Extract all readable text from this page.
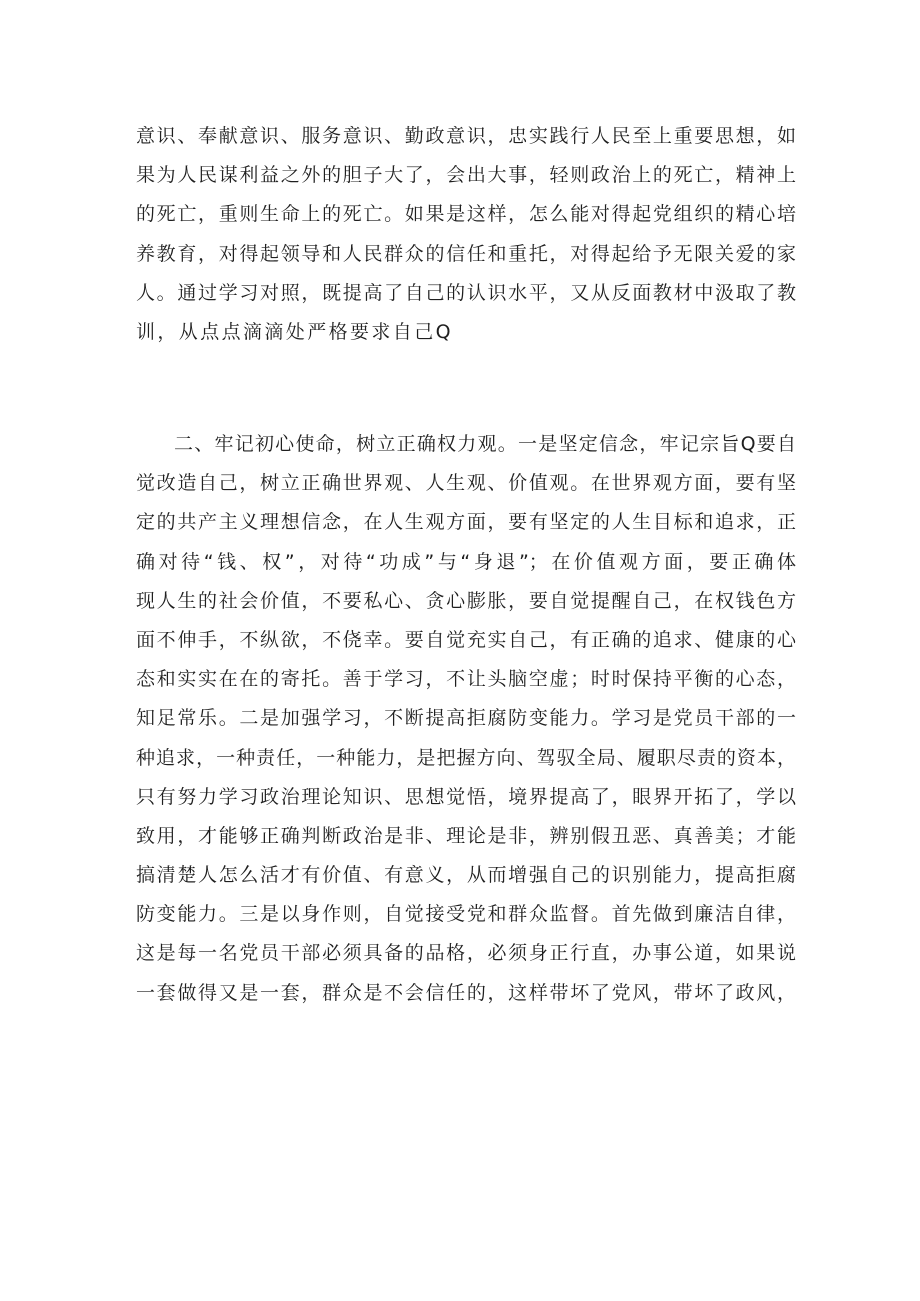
意识、奉献意识、服务意识、勤政意识，忠实践行人民至上重要思想，如
果为人民谋利益之外的胆子大了，会出大事，轻则政治上的死亡，精神上
的死亡，重则生命上的死亡。如果是这样，怎么能对得起党组织的精心培
养教育，对得起领导和人民群众的信任和重托，对得起给予无限关爱的家
人。通过学习对照，既提高了自己的认识水平，又从反面教材中汲取了教
训，从点点滴滴处严格要求自己Q
二、牢记初心使命，树立正确权力观。一是坚定信念，牢记宗旨Q要自
觉改造自己，树立正确世界观、人生观、价值观。在世界观方面，要有坚
定的共产主义理想信念，在人生观方面，要有坚定的人生目标和追求，正
确对待“钱、权”，对待“功成”与“身退”；在价值观方面，要正确体
现人生的社会价值，不要私心、贪心膨胀，要自觉提醒自己，在权钱色方
面不伸手，不纵欲，不侥幸。要自觉充实自己，有正确的追求、健康的心
态和实实在在的寄托。善于学习，不让头脑空虚；时时保持平衡的心态，
知足常乐。二是加强学习，不断提高拒腐防变能力。学习是党员干部的一
种追求，一种责任，一种能力，是把握方向、驾驭全局、履职尽责的资本，
只有努力学习政治理论知识、思想觉悟，境界提高了，眼界开拓了，学以
致用，才能够正确判断政治是非、理论是非，辨别假丑恶、真善美；才能
搞清楚人怎么活才有价值、有意义，从而增强自己的识别能力，提高拒腐
防变能力。三是以身作则，自觉接受党和群众监督。首先做到廉洁自律，
这是每一名党员干部必须具备的品格，必须身正行直，办事公道，如果说
一套做得又是一套，群众是不会信任的，这样带坏了党风，带坏了政风，
